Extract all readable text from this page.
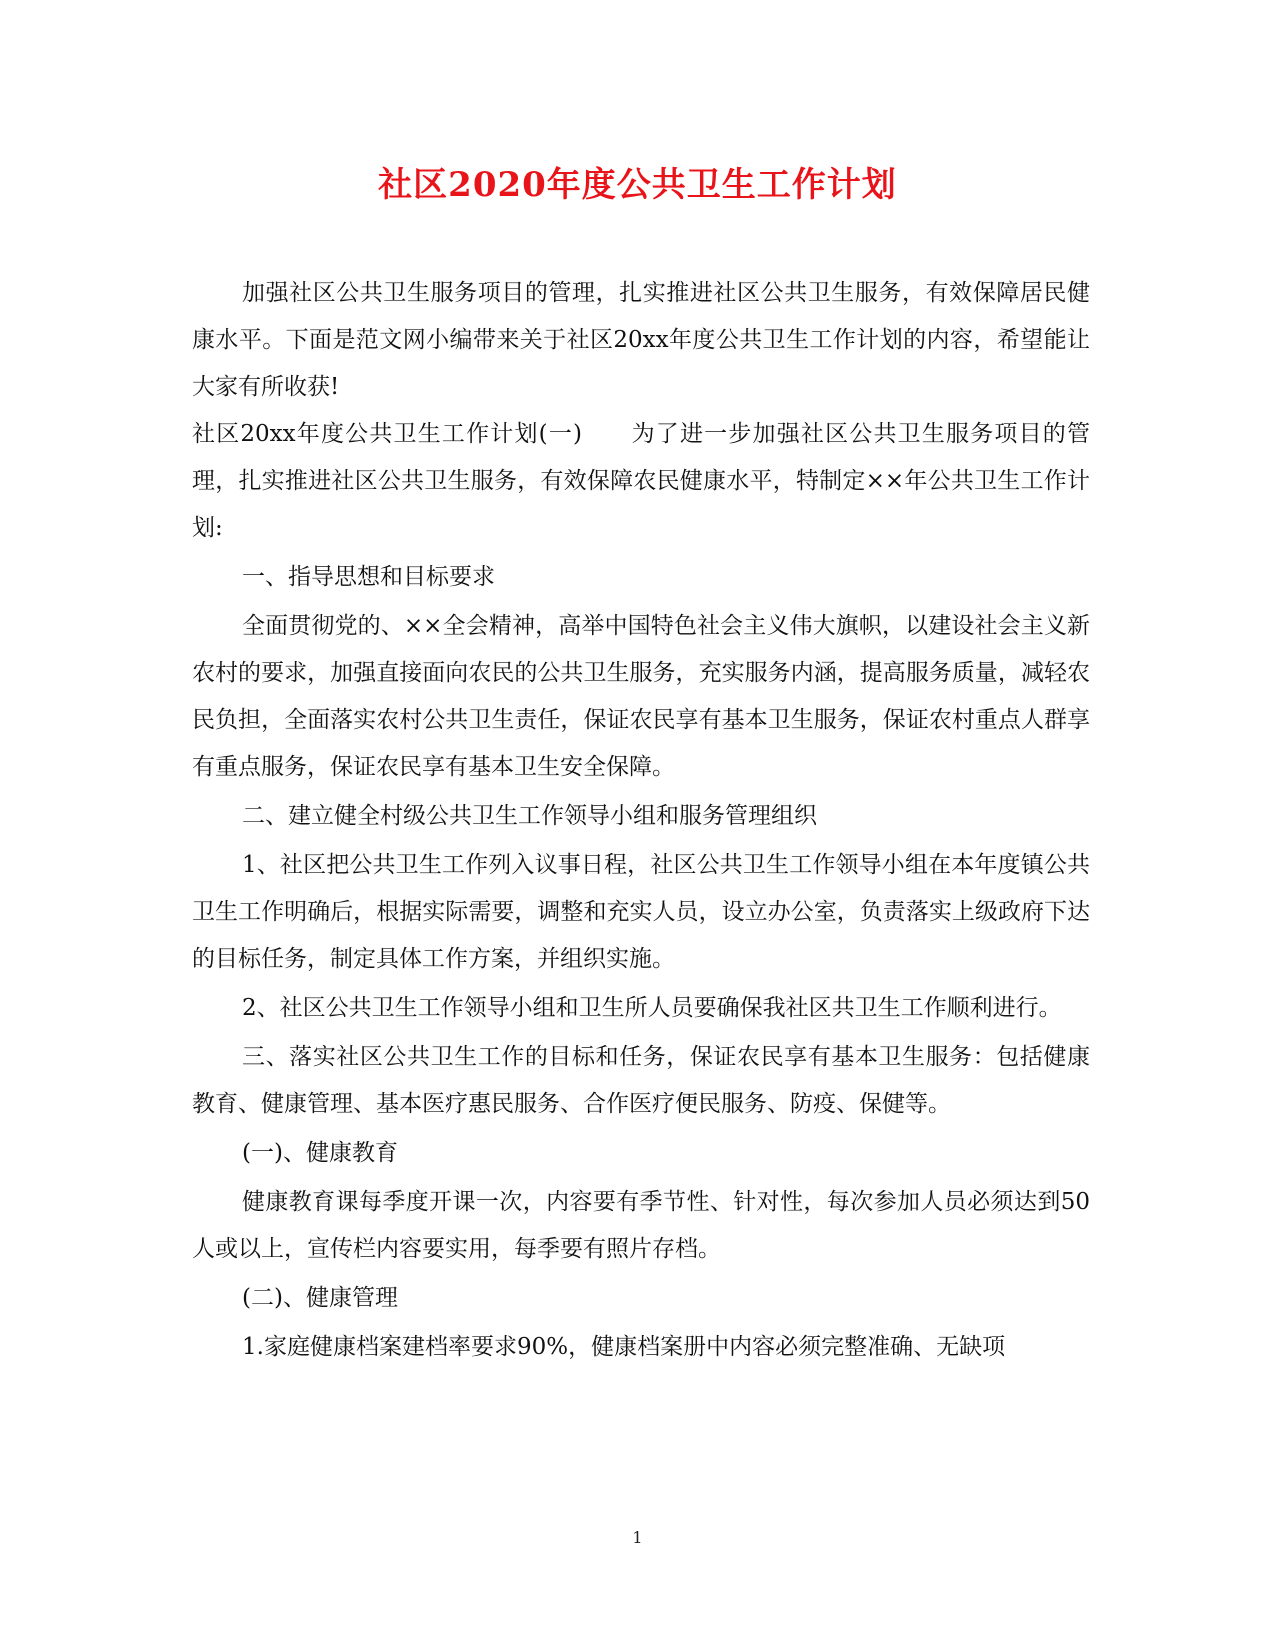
社区2020年度公共卫生工作计划

加强社区公共卫生服务项目的管理，扎实推进社区公共卫生服务，有效保障居民健康水平。下面是范文网小编带来关于社区20xx年度公共卫生工作计划的内容，希望能让大家有所收获!

社区20xx年度公共卫生工作计划(一)　　为了进一步加强社区公共卫生服务项目的管理，扎实推进社区公共卫生服务，有效保障农民健康水平，特制定××年公共卫生工作计划:

一、指导思想和目标要求

全面贯彻党的、××全会精神，高举中国特色社会主义伟大旗帜，以建设社会主义新农村的要求，加强直接面向农民的公共卫生服务，充实服务内涵，提高服务质量，减轻农民负担，全面落实农村公共卫生责任，保证农民享有基本卫生服务，保证农村重点人群享有重点服务，保证农民享有基本卫生安全保障。

二、建立健全村级公共卫生工作领导小组和服务管理组织

1、社区把公共卫生工作列入议事日程，社区公共卫生工作领导小组在本年度镇公共卫生工作明确后，根据实际需要，调整和充实人员，设立办公室，负责落实上级政府下达的目标任务，制定具体工作方案，并组织实施。

2、社区公共卫生工作领导小组和卫生所人员要确保我社区共卫生工作顺利进行。

三、落实社区公共卫生工作的目标和任务，保证农民享有基本卫生服务：包括健康教育、健康管理、基本医疗惠民服务、合作医疗便民服务、防疫、保健等。

(一)、健康教育

健康教育课每季度开课一次，内容要有季节性、针对性，每次参加人员必须达到50人或以上，宣传栏内容要实用，每季要有照片存档。

(二)、健康管理

1.家庭健康档案建档率要求90%，健康档案册中内容必须完整准确、无缺项

1
